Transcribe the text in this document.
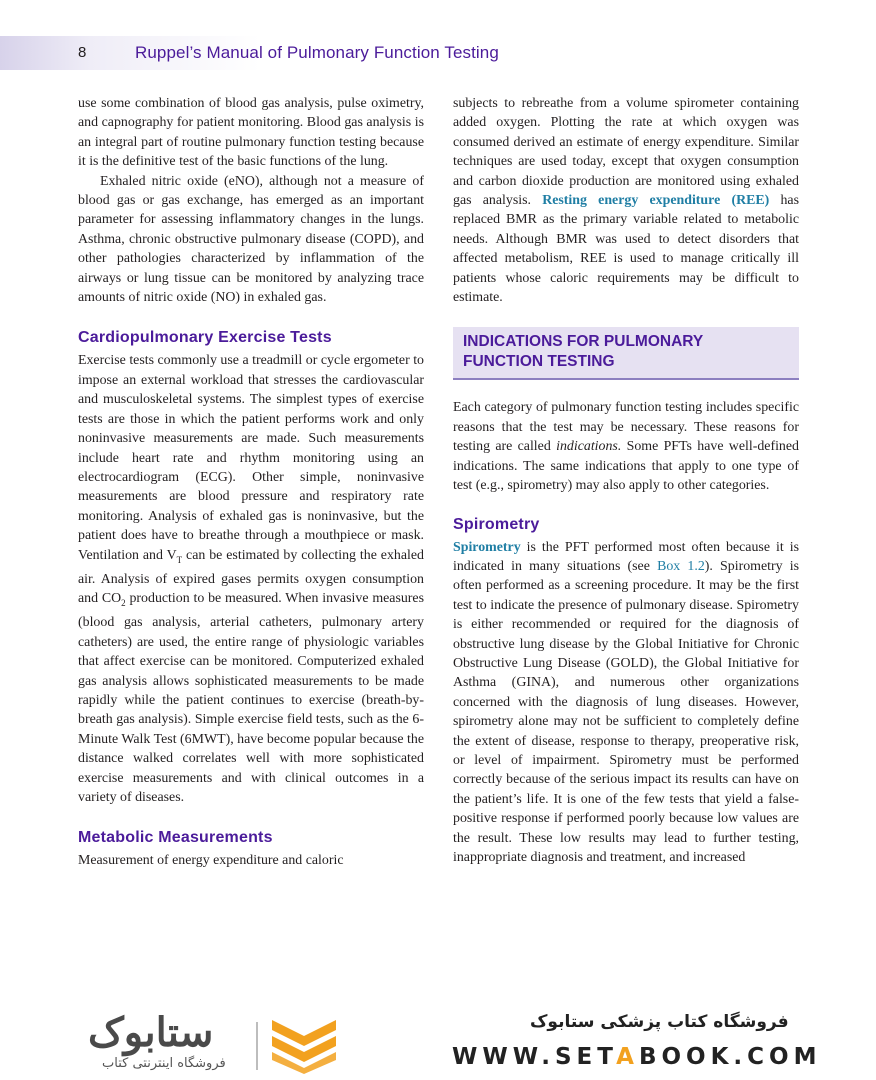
8	Ruppel’s Manual of Pulmonary Function Testing

use some combination of blood gas analysis, pulse oximetry, and capnography for patient monitoring. Blood gas analysis is an integral part of routine pulmonary function testing because it is the definitive test of the basic functions of the lung.

Exhaled nitric oxide (eNO), although not a measure of blood gas or gas exchange, has emerged as an important parameter for assessing inflammatory changes in the lungs. Asthma, chronic obstructive pulmonary disease (COPD), and other pathologies characterized by inflammation of the airways or lung tissue can be monitored by analyzing trace amounts of nitric oxide (NO) in exhaled gas.

Cardiopulmonary Exercise Tests

Exercise tests commonly use a treadmill or cycle ergometer to impose an external workload that stresses the cardiovascular and musculoskeletal systems. The simplest types of exercise tests are those in which the patient performs work and only noninvasive measurements are made. Such measurements include heart rate and rhythm monitoring using an electrocardiogram (ECG). Other simple, noninvasive measurements are blood pressure and respiratory rate monitoring. Analysis of exhaled gas is noninvasive, but the patient does have to breathe through a mouthpiece or mask. Ventilation and $V_T$ can be estimated by collecting the exhaled air. Analysis of expired gases permits oxygen consumption and $CO_2$ production to be measured. When invasive measures (blood gas analysis, arterial catheters, pulmonary artery catheters) are used, the entire range of physiologic variables that affect exercise can be monitored. Computerized exhaled gas analysis allows sophisticated measurements to be made rapidly while the patient continues to exercise (breath-by-breath gas analysis). Simple exercise field tests, such as the 6-Minute Walk Test (6MWT), have become popular because the distance walked correlates well with more sophisticated exercise measurements and with clinical outcomes in a variety of diseases.

Metabolic Measurements

Measurement of energy expenditure and caloric

subjects to rebreathe from a volume spirometer containing added oxygen. Plotting the rate at which oxygen was consumed derived an estimate of energy expenditure. Similar techniques are used today, except that oxygen consumption and carbon dioxide production are monitored using exhaled gas analysis. Resting energy expenditure (REE) has replaced BMR as the primary variable related to metabolic needs. Although BMR was used to detect disorders that affected metabolism, REE is used to manage critically ill patients whose caloric requirements may be difficult to estimate.

INDICATIONS FOR PULMONARY
FUNCTION TESTING

Each category of pulmonary function testing includes specific reasons that the test may be necessary. These reasons for testing are called indications. Some PFTs have well-defined indications. The same indications that apply to one type of test (e.g., spirometry) may also apply to other categories.

Spirometry

Spirometry is the PFT performed most often because it is indicated in many situations (see Box 1.2). Spirometry is often performed as a screening procedure. It may be the first test to indicate the presence of pulmonary disease. Spirometry is either recommended or required for the diagnosis of obstructive lung disease by the Global Initiative for Chronic Obstructive Lung Disease (GOLD), the Global Initiative for Asthma (GINA), and numerous other organizations concerned with the diagnosis of lung diseases. However, spirometry alone may not be sufficient to completely define the extent of disease, response to therapy, preoperative risk, or level of impairment. Spirometry must be performed correctly because of the serious impact its results can have on the patient’s life. It is one of the few tests that yield a false-positive response if performed poorly because low values are the result. These low results may lead to further testing, inappropriate diagnosis and treatment, and increased

ستابوک
فروشگاه اینترنتی کتاب
فروشگاه کتاب پزشکی ستابوک
WWW.SETABOOK.COM
